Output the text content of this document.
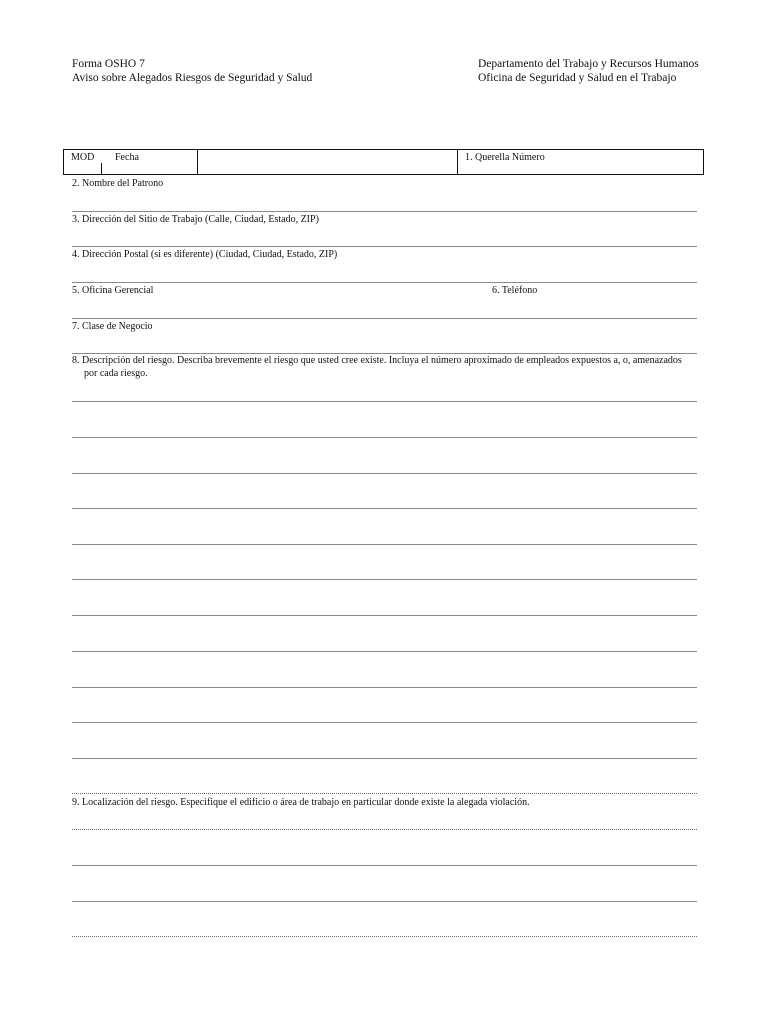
Forma OSHO 7
Aviso sobre Alegados Riesgos de Seguridad y Salud
Departamento del Trabajo y Recursos Humanos
Oficina de Seguridad y Salud en el Trabajo
MOD Fecha	1. Querella Número
2. Nombre del Patrono
3. Dirección del Sitio de Trabajo (Calle, Ciudad, Estado, ZIP)
4. Dirección Postal (si es diferente) (Ciudad, Ciudad, Estado, ZIP)
5. Oficina Gerencial	6. Teléfono
7. Clase de Negocio
8. Descripción del riesgo. Describa brevemente el riesgo que usted cree existe. Incluya el número aproximado de empleados expuestos a, o, amenazados
por cada riesgo.
9. Localización del riesgo. Especifique el edificio o área de trabajo en particular donde existe la alegada violación.
